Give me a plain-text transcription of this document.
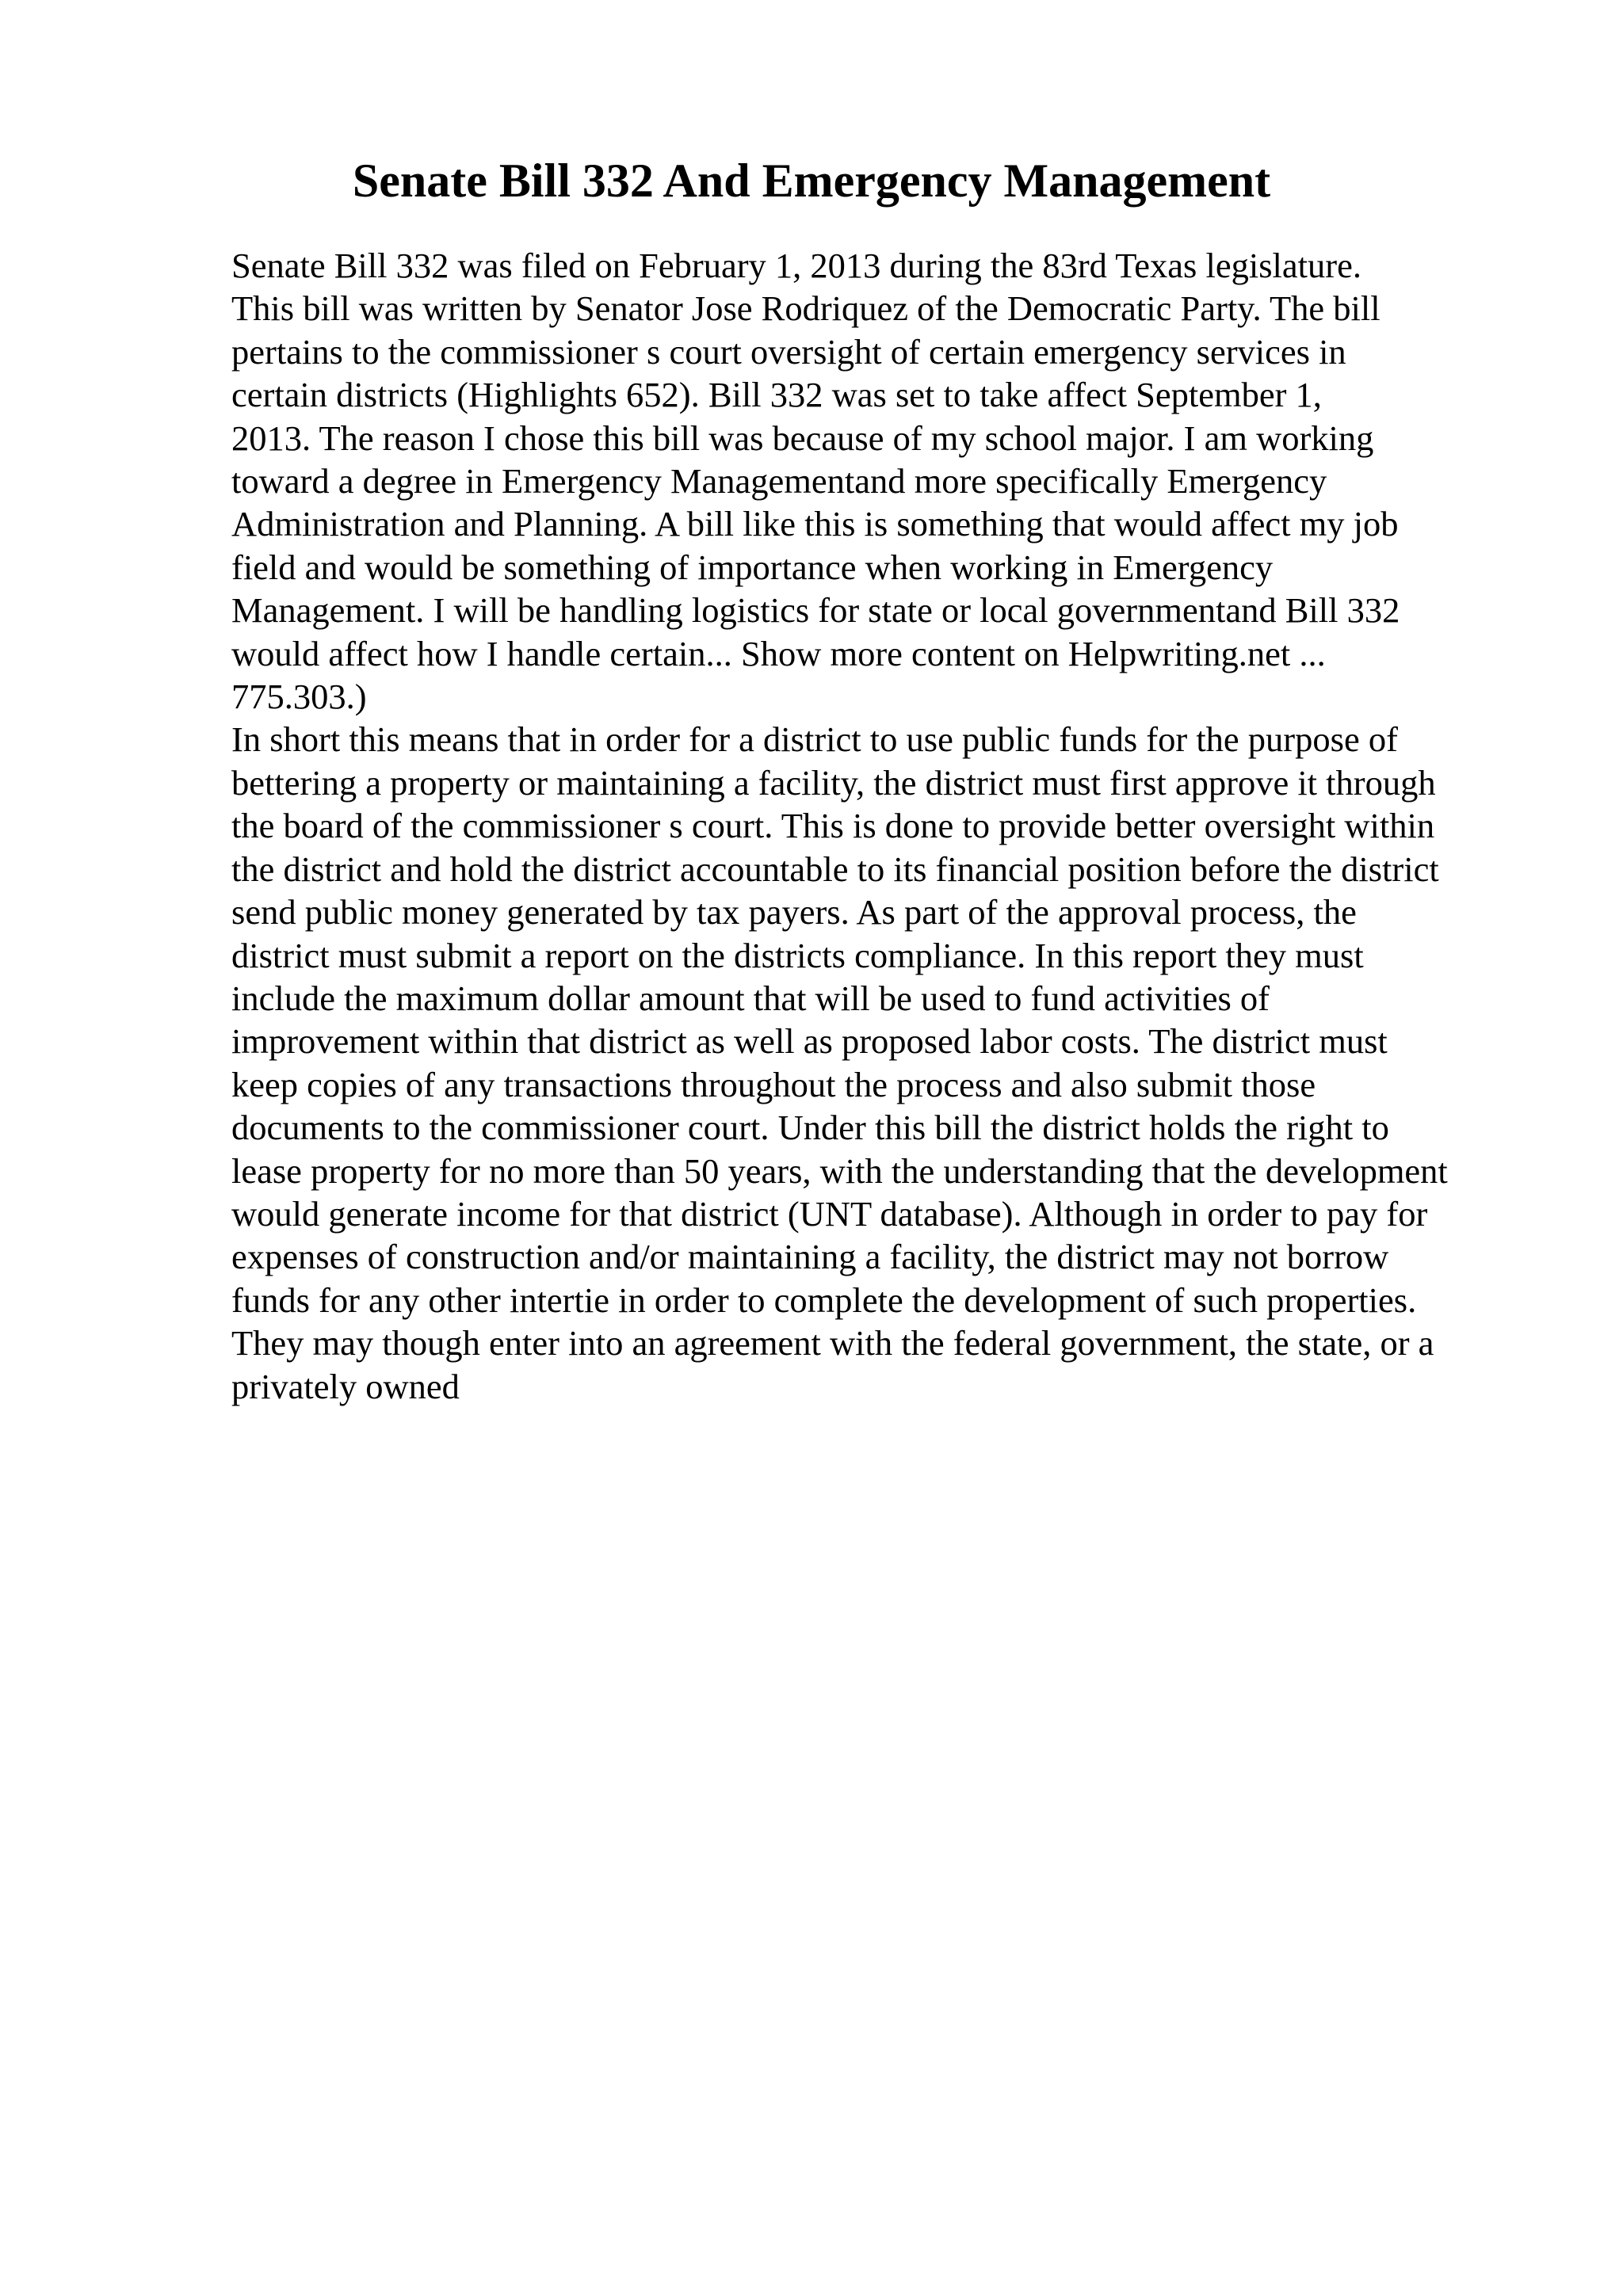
Senate Bill 332 And Emergency Management
Senate Bill 332 was filed on February 1, 2013 during the 83rd Texas legislature.
This bill was written by Senator Jose Rodriquez of the Democratic Party. The bill
pertains to the commissioner s court oversight of certain emergency services in
certain districts (Highlights 652). Bill 332 was set to take affect September 1,
2013. The reason I chose this bill was because of my school major. I am working
toward a degree in Emergency Managementand more specifically Emergency
Administration and Planning. A bill like this is something that would affect my job
field and would be something of importance when working in Emergency
Management. I will be handling logistics for state or local governmentand Bill 332
would affect how I handle certain... Show more content on Helpwriting.net ...
775.303.)
In short this means that in order for a district to use public funds for the purpose of
bettering a property or maintaining a facility, the district must first approve it through
the board of the commissioner s court. This is done to provide better oversight within
the district and hold the district accountable to its financial position before the district
send public money generated by tax payers. As part of the approval process, the
district must submit a report on the districts compliance. In this report they must
include the maximum dollar amount that will be used to fund activities of
improvement within that district as well as proposed labor costs. The district must
keep copies of any transactions throughout the process and also submit those
documents to the commissioner court. Under this bill the district holds the right to
lease property for no more than 50 years, with the understanding that the development
would generate income for that district (UNT database). Although in order to pay for
expenses of construction and/or maintaining a facility, the district may not borrow
funds for any other intertie in order to complete the development of such properties.
They may though enter into an agreement with the federal government, the state, or a
privately owned
